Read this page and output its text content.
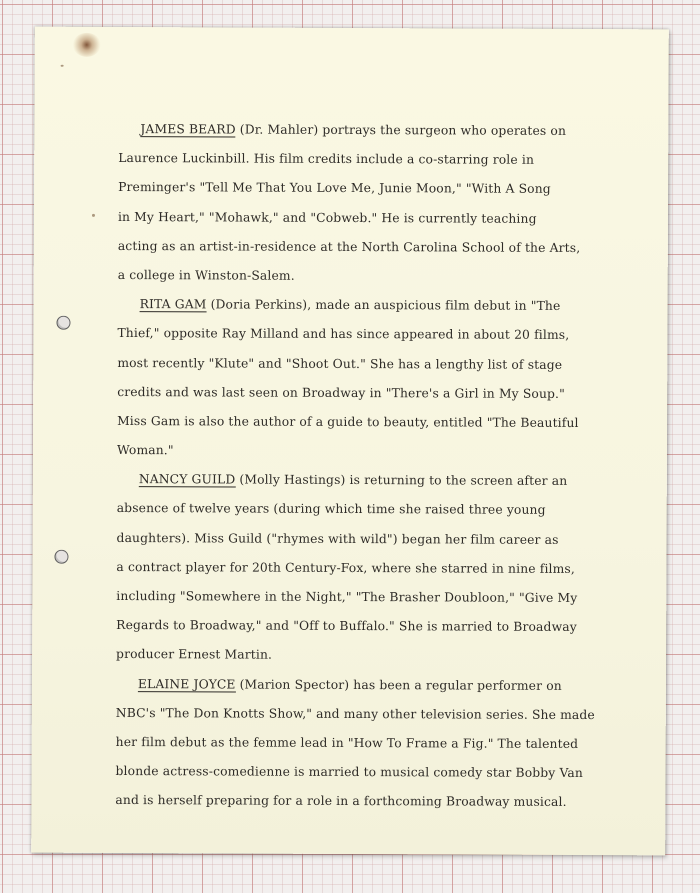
JAMES BEARD (Dr. Mahler) portrays the surgeon who operates on
Laurence Luckinbill. His film credits include a co-starring role in
Preminger's "Tell Me That You Love Me, Junie Moon," "With A Song
in My Heart," "Mohawk," and "Cobweb." He is currently teaching
acting as an artist-in-residence at the North Carolina School of the Arts,
a college in Winston-Salem.
RITA GAM (Doria Perkins), made an auspicious film debut in "The
Thief," opposite Ray Milland and has since appeared in about 20 films,
most recently "Klute" and "Shoot Out." She has a lengthy list of stage
credits and was last seen on Broadway in "There's a Girl in My Soup."
Miss Gam is also the author of a guide to beauty, entitled "The Beautiful
Woman."
NANCY GUILD (Molly Hastings) is returning to the screen after an
absence of twelve years (during which time she raised three young
daughters). Miss Guild ("rhymes with wild") began her film career as
a contract player for 20th Century-Fox, where she starred in nine films,
including "Somewhere in the Night," "The Brasher Doubloon," "Give My
Regards to Broadway," and "Off to Buffalo." She is married to Broadway
producer Ernest Martin.
ELAINE JOYCE (Marion Spector) has been a regular performer on
NBC's "The Don Knotts Show," and many other television series. She made
her film debut as the femme lead in "How To Frame a Fig." The talented
blonde actress-comedienne is married to musical comedy star Bobby Van
and is herself preparing for a role in a forthcoming Broadway musical.
